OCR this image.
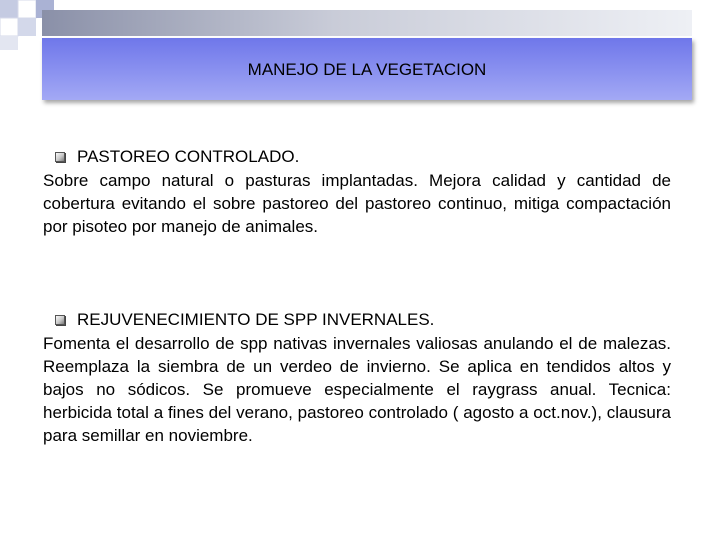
MANEJO DE LA VEGETACION
PASTOREO CONTROLADO.

Sobre campo natural o pasturas implantadas. Mejora calidad y cantidad de cobertura evitando el sobre pastoreo del pastoreo continuo, mitiga compactación por pisoteo por manejo de animales.

REJUVENECIMIENTO DE SPP INVERNALES.

Fomenta el desarrollo de spp nativas invernales valiosas anulando el de malezas. Reemplaza la siembra de un verdeo de invierno. Se aplica en tendidos altos y bajos no sódicos. Se promueve especialmente el raygrass anual. Tecnica: herbicida total a fines del verano, pastoreo controlado ( agosto a oct.nov.), clausura para semillar en noviembre.
